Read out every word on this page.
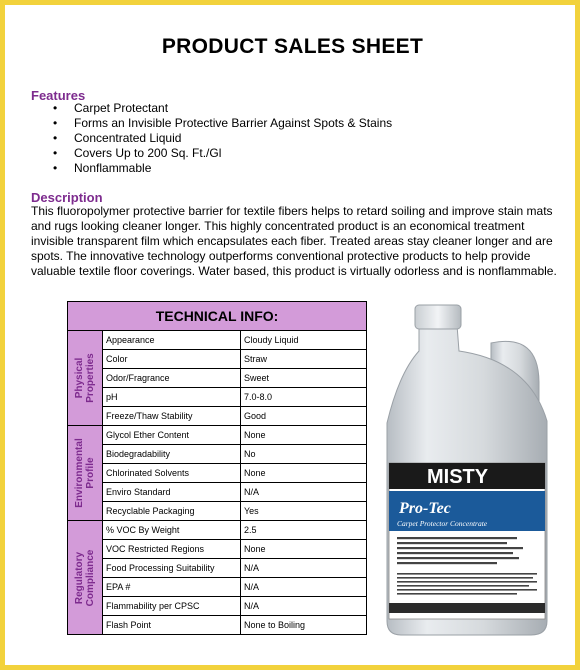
PRODUCT SALES SHEET
Features
• Carpet Protectant
• Forms an Invisible Protective Barrier Against Spots & Stains
• Concentrated Liquid
• Covers Up to 200 Sq. Ft./Gl
• Nonflammable
Description
This fluoropolymer protective barrier for textile fibers helps to retard soiling and improve stain mats and rugs looking cleaner longer. This highly concentrated product is an economical treatment invisible transparent film which encapsulates each fiber. Treated areas stay cleaner longer and are spots. The innovative technology outperforms conventional protective products to help provide valuable textile floor coverings. Water based, this product is virtually odorless and is nonflammable.
TECHNICAL INFO:
Physical Properties
Appearance	Cloudy Liquid
Color	Straw
Odor/Fragrance	Sweet
pH	7.0-8.0
Freeze/Thaw Stability	Good
Environmental Profile
Glycol Ether Content	None
Biodegradability	No
Chlorinated Solvents	None
Enviro Standard	N/A
Recyclable Packaging	Yes
Regulatory Compliance
% VOC By Weight	2.5
VOC Restricted Regions	None
Food Processing Suitability	N/A
EPA #	N/A
Flammability per CPSC	N/A
Flash Point	None to Boiling
MISTY
Pro-Tec
Carpet Protector Concentrate
